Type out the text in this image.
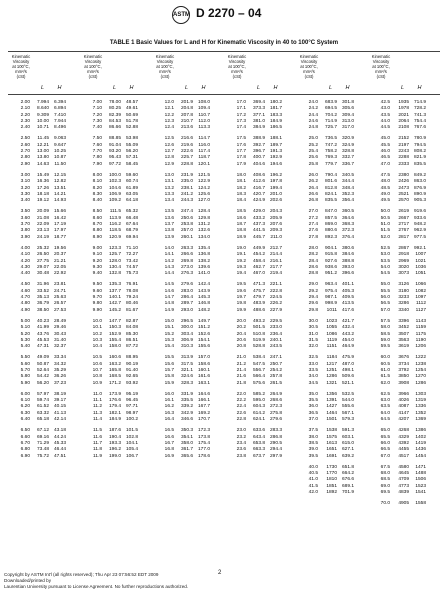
ASTM D 2270 – 04
TABLE 1 Basic Values for L and H for Kinematic Viscosity in 40 to 100°C System
Kinematic
Viscosity
at 100°C,
mm²/s
(cSt)
L	H
Kinematic
Viscosity
at 100°C,
mm²/s
(cSt)
L	H
Kinematic
Viscosity
at 100°C,
mm²/s
(cSt)
L	H
Kinematic
Viscosity
at 100°C,
mm²/s
(cSt)
L	H
Kinematic
Viscosity
at 100°C,
mm²/s
(cSt)
L	H
Kinematic
Viscosity
at 100°C,
mm²/s
(cSt)
L	H
2.00	7.994	6.394
2.10	8.640	6.894
2.20	9.309	7.410
2.30	10.00	7.944
2.40	10.71	8.496
2.50	11.45	9.063
2.60	12.21	9.647
2.70	13.00	10.25
2.80	13.80	10.87
2.90	14.63	11.50
3.00	15.49	12.15
3.10	16.36	12.82
3.20	17.26	13.51
3.30	18.18	14.21
3.40	19.12	14.93
3.50	20.09	15.66
3.60	21.08	16.42
3.70	22.09	17.19
3.80	23.13	17.97
3.90	24.19	18.77
4.00	25.32	19.56
4.10	26.50	20.37
4.20	27.75	21.21
4.30	29.07	22.05
4.40	30.48	22.92
4.50	31.96	23.81
4.60	33.52	24.71
4.70	35.13	25.63
4.80	36.79	26.57
4.90	38.50	27.53
5.00	40.23	28.49
5.10	41.99	29.46
5.20	43.76	30.43
5.30	45.53	31.40
5.40	47.31	32.37
5.50	49.09	33.34
5.60	50.87	34.32
5.70	52.64	35.29
5.80	54.42	36.26
5.90	56.20	37.23
6.00	57.97	38.19
6.10	59.74	39.17
6.20	61.52	40.15
6.30	63.32	41.13
6.40	65.18	42.14
6.50	67.12	43.18
6.60	69.16	44.24
6.70	71.29	45.33
6.80	73.48	46.44
6.90	75.72	47.51
7.00	78.00	48.57
7.10	80.25	49.61
7.20	82.39	50.69
7.30	84.53	51.78
7.40	86.66	52.88
7.50	88.85	53.98
7.60	91.04	55.09
7.70	93.20	56.20
7.80	95.43	57.31
7.90	97.72	58.45
8.00	100.0	59.60
8.10	102.3	60.74
8.20	104.6	61.89
8.30	106.9	63.05
8.40	109.2	64.18
8.50	111.5	65.32
8.60	113.9	66.48
8.70	116.2	67.64
8.80	118.5	68.79
8.90	120.9	69.94
9.00	123.3	71.10
9.10	125.7	72.27
9.20	128.0	73.42
9.30	130.4	74.57
9.40	132.8	75.73
9.50	135.3	76.91
9.60	137.7	78.08
9.70	140.1	79.24
9.80	142.7	80.46
9.90	145.2	81.67
10.0	147.7	82.87
10.1	150.3	84.08
10.2	152.9	85.30
10.3	155.4	86.51
10.4	158.0	87.72
10.5	160.6	88.95
10.6	163.2	90.19
10.7	165.8	91.40
10.8	168.5	92.65
10.9	171.2	93.92
11.0	173.9	95.19
11.1	176.6	96.45
11.2	179.4	97.71
11.3	182.1	98.97
11.4	184.9	100.2
11.5	187.6	101.5
11.6	190.4	102.8
11.7	193.3	104.1
11.8	196.2	105.4
11.9	199.0	106.7
12.0	201.9	108.0
12.1	204.8	109.4
12.2	207.8	110.7
12.3	210.7	112.0
12.4	213.6	113.3
12.5	216.6	114.7
12.6	219.6	116.0
12.7	222.6	117.4
12.8	225.7	118.7
12.9	228.8	120.1
13.0	231.9	121.5
13.1	235.0	122.9
13.2	238.1	124.2
13.3	241.2	125.6
13.4	244.3	127.0
13.5	247.4	128.4
13.6	250.6	129.8
13.7	253.8	131.2
13.8	257.0	132.6
13.9	260.1	134.0
14.0	263.3	135.4
14.1	266.6	136.8
14.2	269.8	138.2
14.3	273.0	139.6
14.4	276.3	141.0
14.5	279.6	142.4
14.6	283.0	143.9
14.7	286.4	145.3
14.8	289.7	146.8
14.9	293.0	148.2
15.0	296.5	149.7
15.1	300.0	151.2
15.2	303.4	152.6
15.3	306.9	154.1
15.4	310.3	155.6
15.5	313.9	157.0
15.6	317.5	158.6
15.7	321.1	160.1
15.8	324.6	161.6
15.9	328.3	163.1
16.0	331.9	164.6
16.1	335.5	166.1
16.2	339.2	167.7
16.3	342.9	169.2
16.4	346.6	170.7
16.5	350.3	172.3
16.6	354.1	173.8
16.7	358.0	175.4
16.8	361.7	177.0
16.9	365.6	178.6
17.0	369.4	180.2
17.1	373.3	181.7
17.2	377.1	183.3
17.3	381.0	184.9
17.4	384.9	186.5
17.5	388.9	188.1
17.6	392.7	189.7
17.7	396.7	191.3
17.8	400.7	192.9
17.9	404.6	194.6
18.0	408.6	196.2
18.1	412.6	197.8
18.2	416.7	199.4
18.3	420.7	201.0
18.4	424.9	202.6
18.5	429.0	204.3
18.6	433.2	205.9
18.7	437.3	207.6
18.8	441.5	209.3
18.9	445.7	211.0
19.0	449.9	212.7
19.1	454.2	214.4
19.2	458.4	216.1
19.3	462.7	217.7
19.4	467.0	219.4
19.5	471.3	221.1
19.6	475.7	222.8
19.7	479.7	224.5
19.8	483.9	226.2
19.9	488.6	227.9
20.0	493.2	229.5
20.2	501.5	233.0
20.4	510.8	236.4
20.6	519.9	240.1
20.8	528.8	243.5
21.0	538.4	247.1
21.2	547.5	250.7
21.4	556.7	254.2
21.6	566.4	257.8
21.8	575.6	261.5
22.0	585.2	264.9
22.2	595.0	268.6
22.4	604.3	272.3
22.6	614.2	275.8
22.8	624.1	279.6
23.0	633.6	283.3
23.2	643.4	286.8
23.4	653.8	290.5
23.6	663.3	294.4
23.8	673.7	297.9
24.0	683.9	301.8
24.2	694.5	305.6
24.4	704.2	309.4
24.6	714.9	313.0
24.8	725.7	317.0
25.0	736.5	320.9
25.2	747.2	324.9
25.4	758.2	328.8
25.6	769.3	332.7
25.8	779.7	336.7
26.0	790.4	340.5
26.2	801.6	344.4
26.4	812.8	348.4
26.6	824.1	352.3
26.8	835.5	356.4
27.0	847.0	360.5
27.2	857.5	364.6
27.4	869.0	368.3
27.6	880.6	372.3
27.8	892.3	376.4
28.0	904.1	380.6
28.2	915.8	384.6
28.4	927.6	388.8
28.6	938.6	393.0
28.8	951.2	396.6
29.0	963.4	401.1
29.2	975.4	405.3
29.4	987.1	409.5
29.6	998.9	413.5
29.8	1011	417.6
30.0	1023	421.7
30.5	1055	432.4
31.0	1086	443.2
31.5	1119	454.0
32.0	1151	464.9
32.5	1184	475.9
33.0	1217	487.0
33.5	1251	498.1
34.0	1286	509.6
34.5	1321	521.1
35.0	1356	532.5
35.5	1391	544.0
36.0	1427	555.6
36.5	1464	567.1
37.0	1501	579.3
37.5	1538	591.3
38.0	1575	603.1
38.5	1613	615.0
39.0	1651	627.1
39.5	1691	639.2
40.0	1730	651.8
40.5	1770	664.2
41.0	1810	676.6
41.5	1851	689.1
42.0	1892	701.9
42.5	1935	714.9
43.0	1978	728.2
43.5	2021	741.3
44.0	2064	754.4
44.5	2108	767.6
45.0	2152	780.9
45.5	2197	794.5
46.0	2243	808.2
46.5	2288	821.9
47.0	2333	835.5
47.5	2380	849.2
48.0	2426	863.0
48.5	2473	876.9
49.0	2521	890.9
49.5	2570	905.3
50.0	2619	919.6
50.5	2667	933.6
51.0	2717	948.2
51.5	2767	962.9
52.0	2817	977.5
52.5	2867	992.1
53.0	2918	1007
53.5	2969	1021
54.0	3020	1036
54.5	3073	1051
55.0	3126	1066
55.5	3180	1082
56.0	3233	1097
56.5	3286	1112
57.0	3340	1127
57.5	3396	1143
58.0	3452	1159
58.5	3507	1175
59.0	3563	1190
59.5	3619	1206
60.0	3676	1222
60.5	3734	1238
61.0	3792	1254
61.5	3850	1270
62.0	3908	1286
62.5	3966	1303
63.0	4026	1319
63.5	4087	1336
64.0	4147	1352
64.5	4207	1369
65.0	4268	1386
65.5	4329	1402
66.0	4392	1419
66.5	4455	1436
67.0	4517	1454
67.5	4580	1471
68.0	4645	1488
68.5	4709	1506
69.0	4773	1523
69.5	4839	1541
70.0	4905	1558
2
Copyright by ASTM Int'l (all rights reserved); Thu Apr 23 07:56:52 EDT 2009
Downloaded/printed by
Laurentian University pursuant to License Agreement. No further reproductions authorized.
